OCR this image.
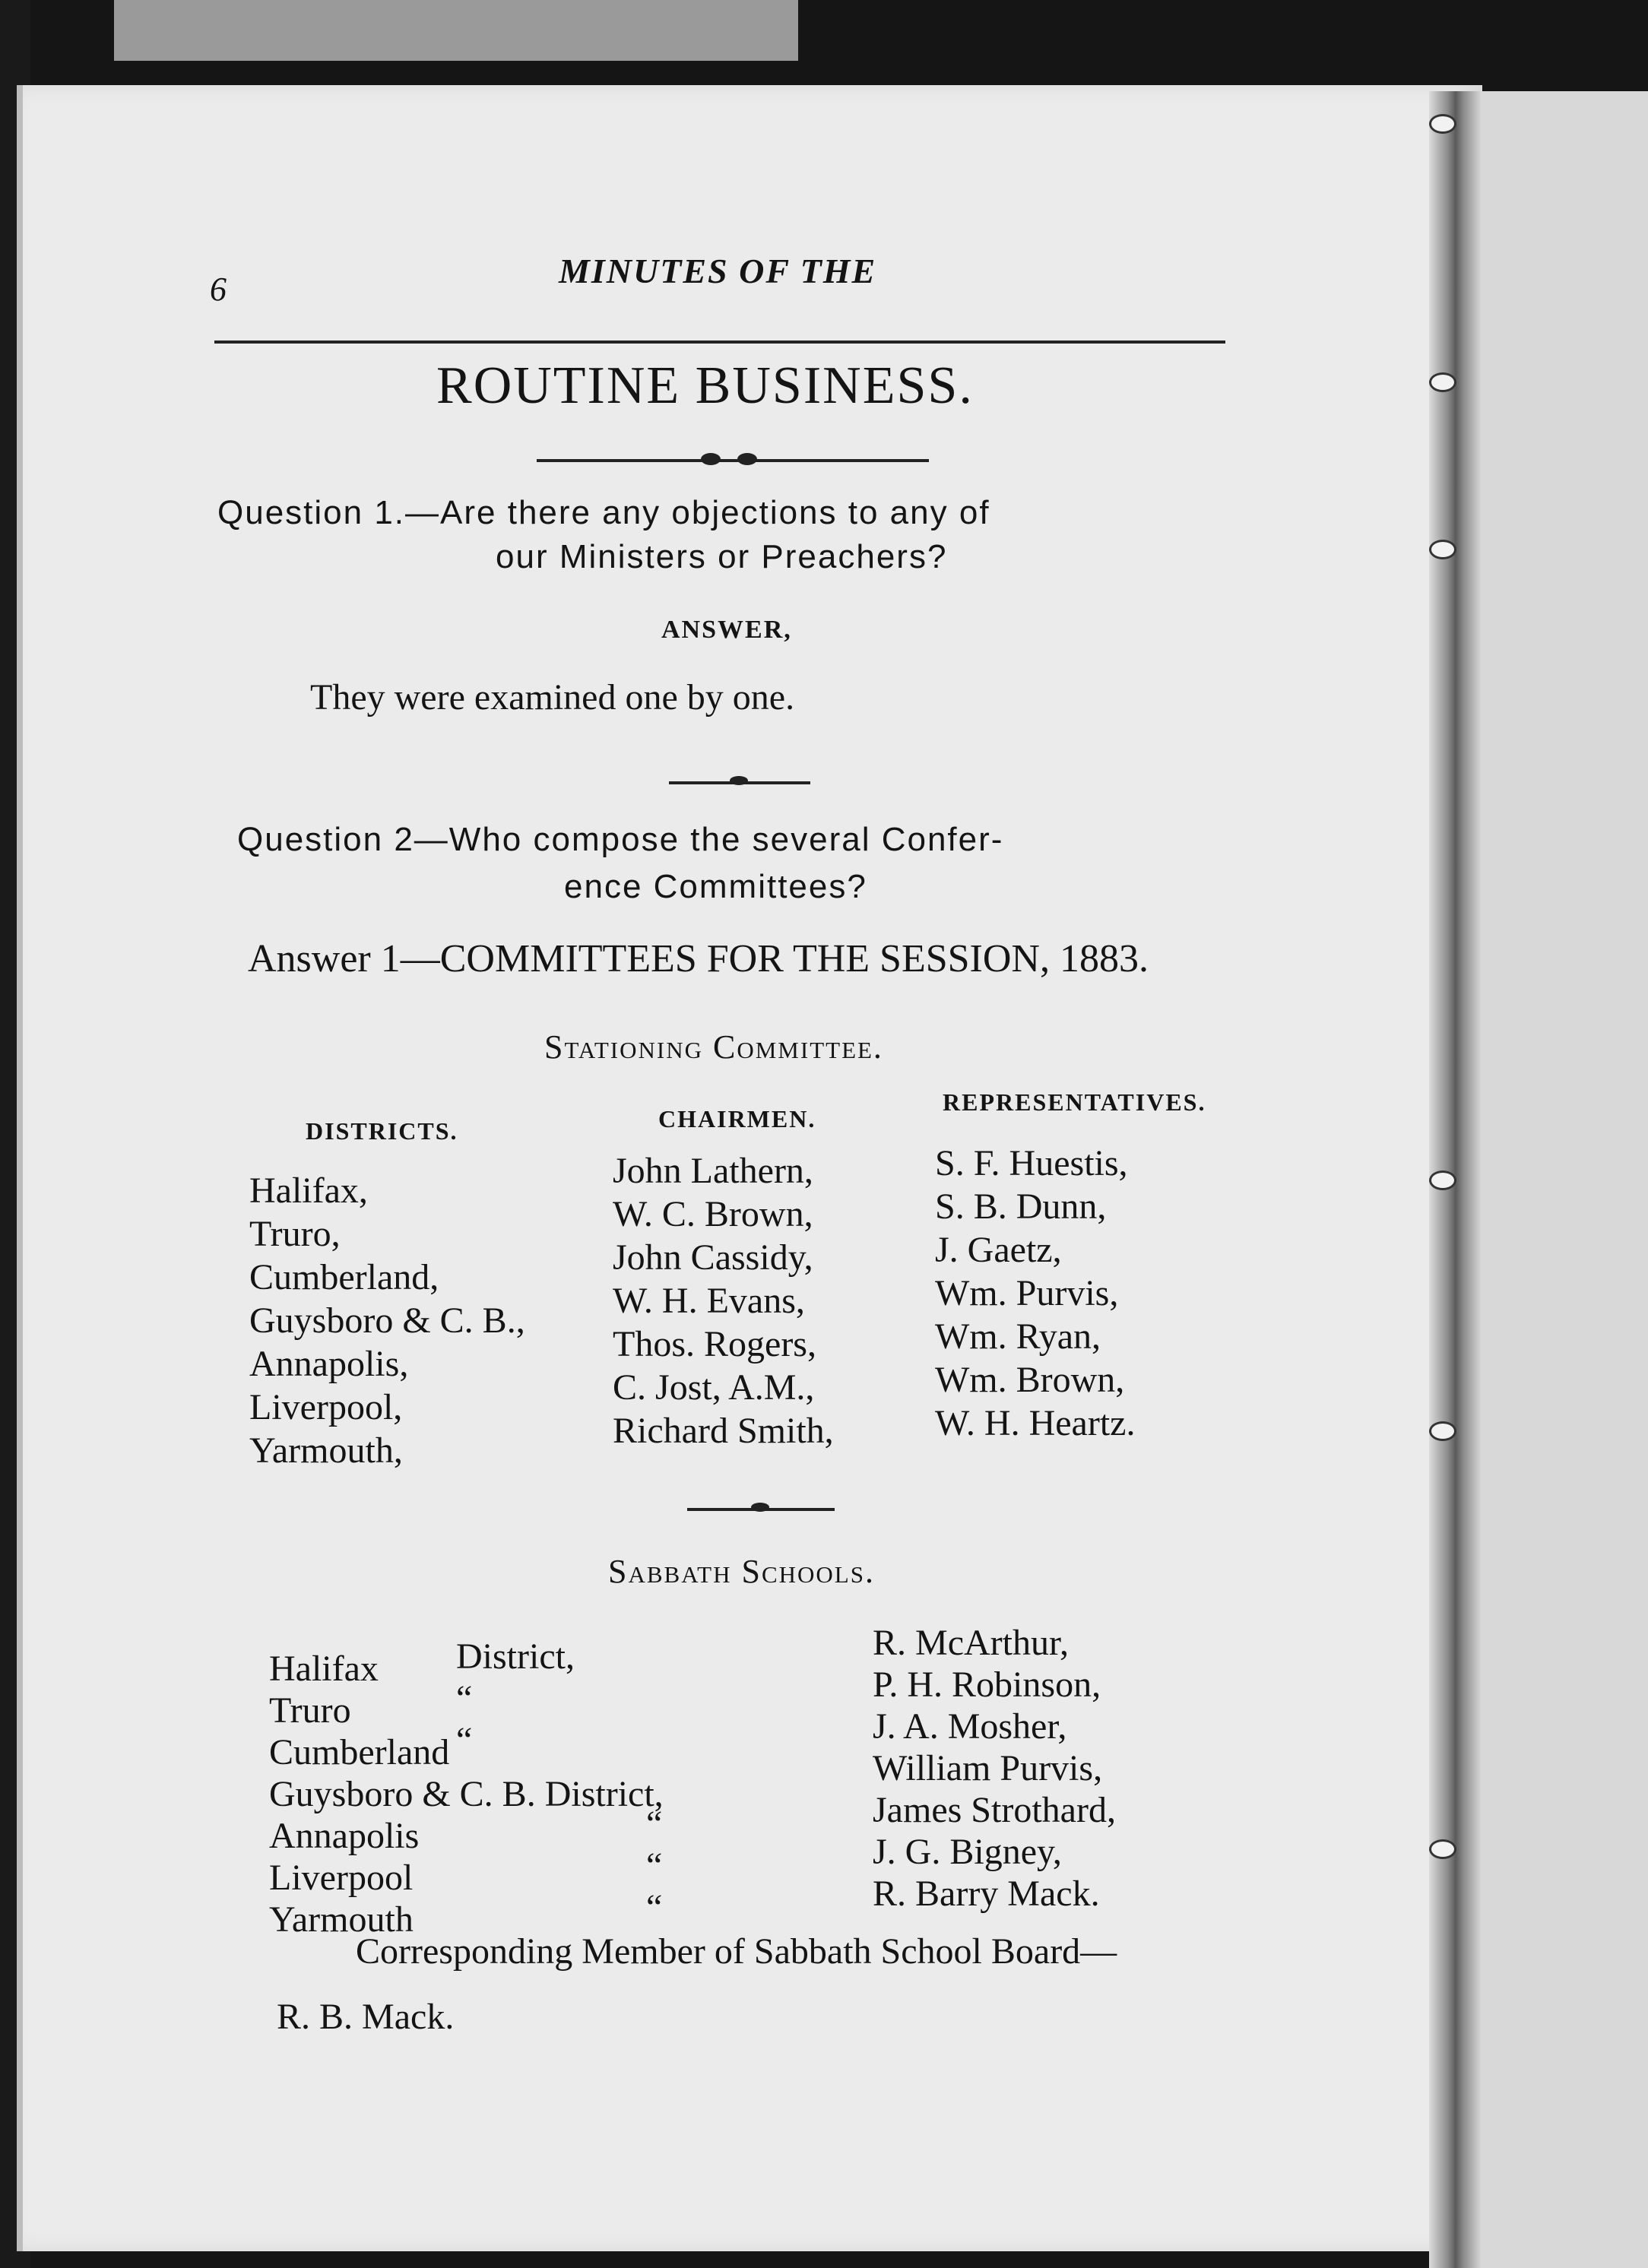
6	MINUTES OF THE
ROUTINE BUSINESS.
Question 1.—Are there any objections to any of
our Ministers or Preachers?
ANSWER,
They were examined one by one.
Question 2—Who compose the several Confer-
ence Committees?
Answer 1—COMMITTEES FOR THE SESSION, 1883.
Stationing Committee.
DISTRICTS.	CHAIRMEN.
REPRESENTATIVES.
Halifax,
Truro,
Cumberland,
Guysboro & C. B.,
Annapolis,
Liverpool,
Yarmouth,
John Lathern,
W. C. Brown,
John Cassidy,
W. H. Evans,
Thos. Rogers,
C. Jost, A.M.,
Richard Smith,
S. F. Huestis,
S. B. Dunn,
J. Gaetz,
Wm. Purvis,
Wm. Ryan,
Wm. Brown,
W. H. Heartz.
Sabbath Schools.
Halifax
Truro
Cumberland
Guysboro & C. B. District,
Annapolis
Liverpool
Yarmouth
District,
“
“
“
“
“
R. McArthur,
P. H. Robinson,
J. A. Mosher,
William Purvis,
James Strothard,
J. G. Bigney,
R. Barry Mack.
Corresponding Member of Sabbath School Board—
R. B. Mack.
